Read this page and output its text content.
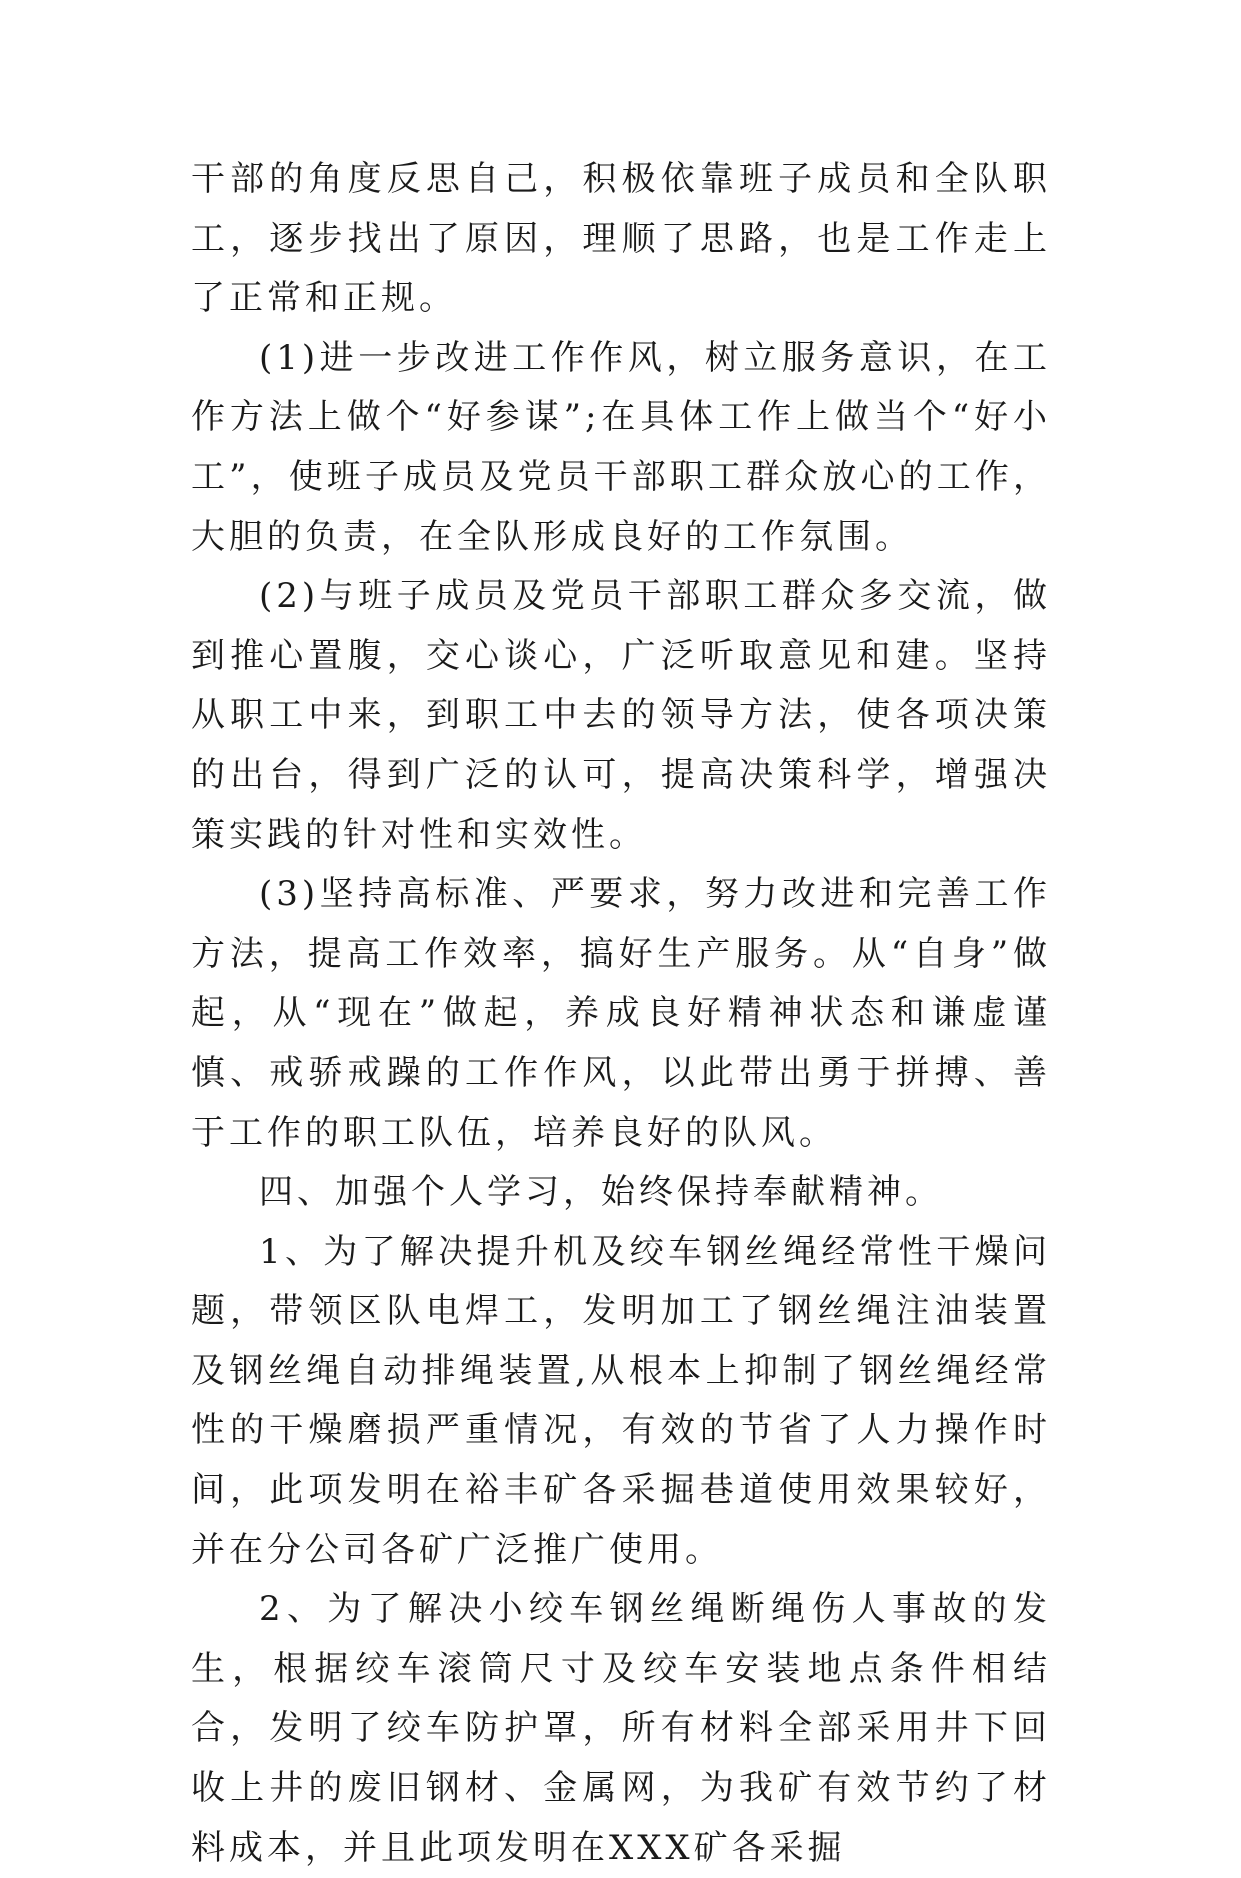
干部的角度反思自己，积极依靠班子成员和全队职工，逐步找出了原因，理顺了思路，也是工作走上了正常和正规。

(1)进一步改进工作作风，树立服务意识，在工作方法上做个“好参谋”;在具体工作上做当个“好小工”，使班子成员及党员干部职工群众放心的工作，大胆的负责，在全队形成良好的工作氛围。

(2)与班子成员及党员干部职工群众多交流，做到推心置腹，交心谈心，广泛听取意见和建。坚持从职工中来，到职工中去的领导方法，使各项决策的出台，得到广泛的认可，提高决策科学，增强决策实践的针对性和实效性。

(3)坚持高标准、严要求，努力改进和完善工作方法，提高工作效率，搞好生产服务。从“自身”做起，从“现在”做起，养成良好精神状态和谦虚谨慎、戒骄戒躁的工作作风，以此带出勇于拼搏、善于工作的职工队伍，培养良好的队风。

四、加强个人学习，始终保持奉献精神。

1、为了解决提升机及绞车钢丝绳经常性干燥问题，带领区队电焊工，发明加工了钢丝绳注油装置及钢丝绳自动排绳装置,从根本上抑制了钢丝绳经常性的干燥磨损严重情况，有效的节省了人力操作时间，此项发明在裕丰矿各采掘巷道使用效果较好，并在分公司各矿广泛推广使用。

2、为了解决小绞车钢丝绳断绳伤人事故的发生，根据绞车滚筒尺寸及绞车安装地点条件相结合，发明了绞车防护罩，所有材料全部采用井下回收上井的废旧钢材、金属网，为我矿有效节约了材料成本，并且此项发明在XXX矿各采掘
